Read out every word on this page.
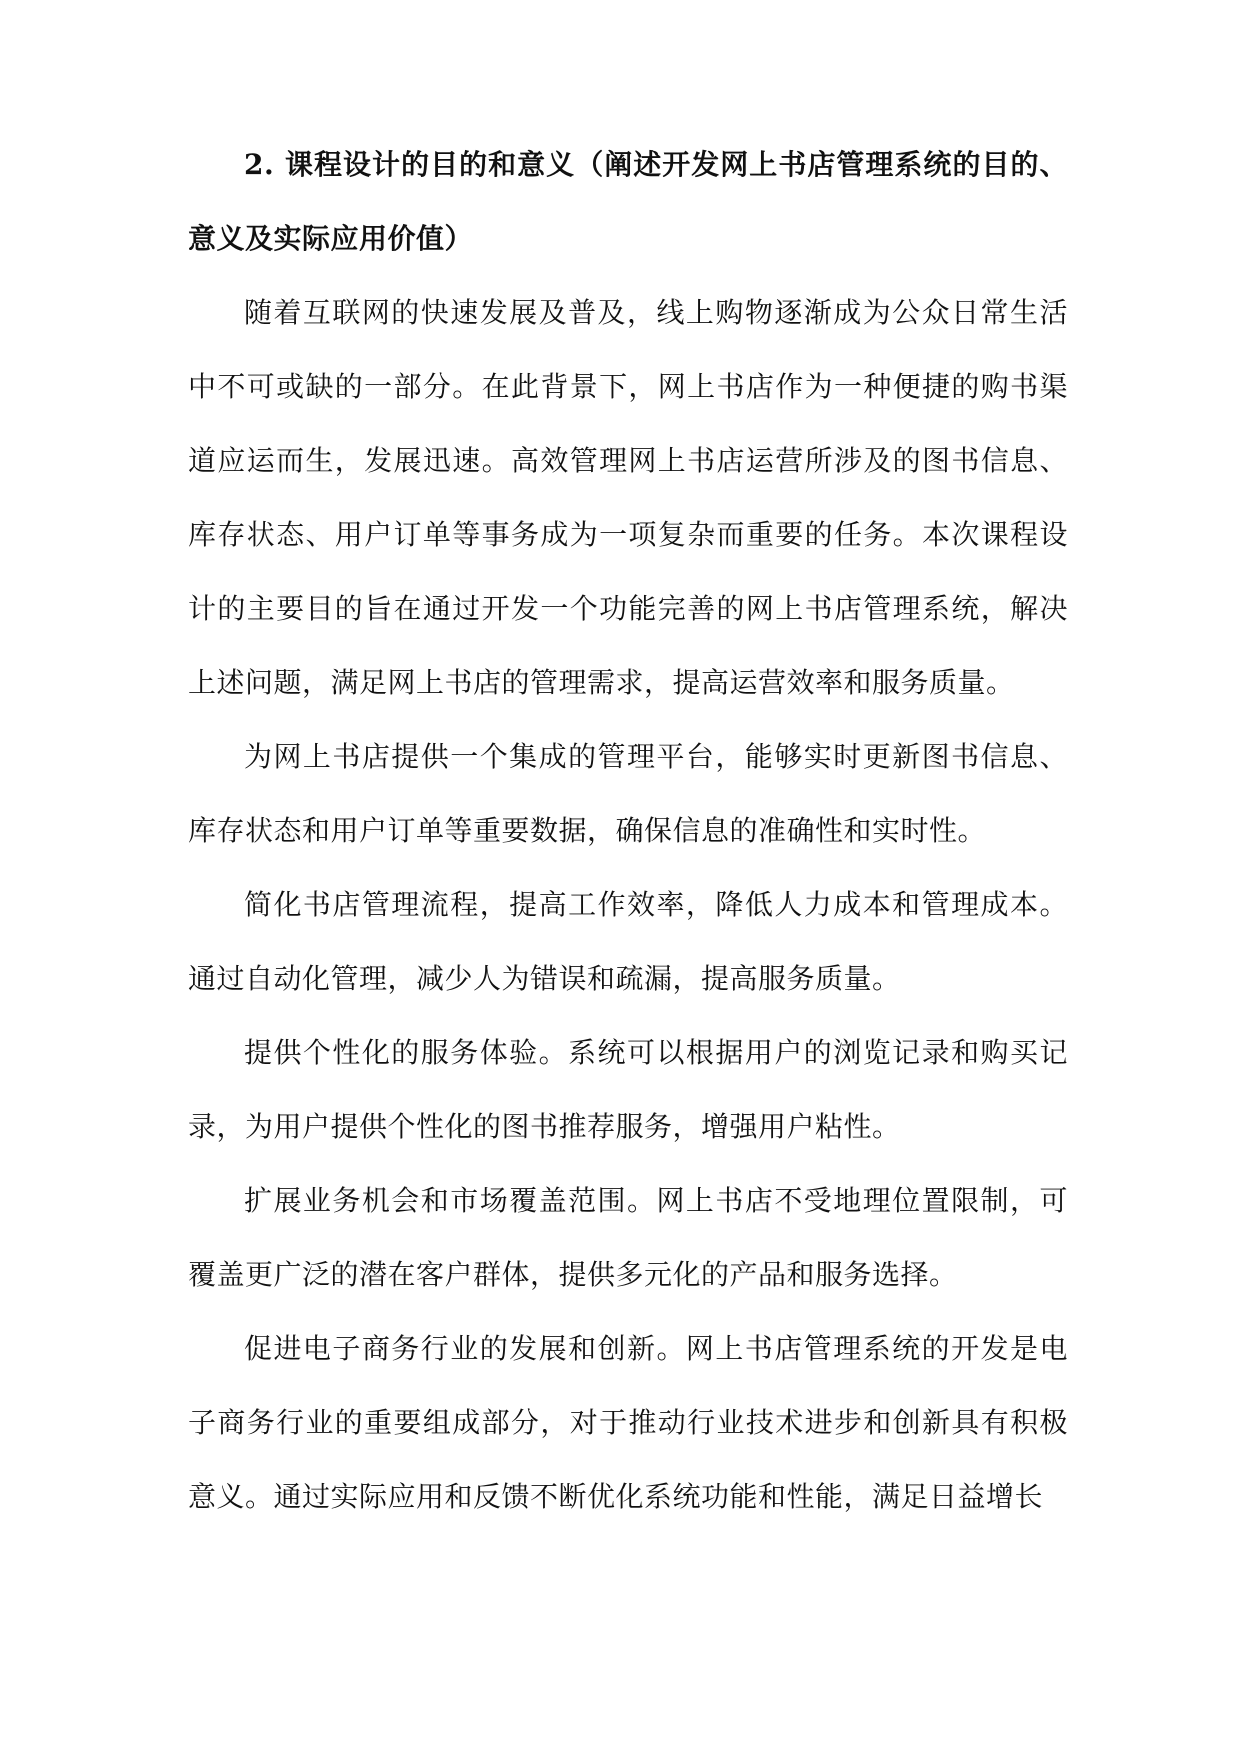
2. 课程设计的目的和意义（阐述开发网上书店管理系统的目的、意义及实际应用价值）

随着互联网的快速发展及普及，线上购物逐渐成为公众日常生活中不可或缺的一部分。在此背景下，网上书店作为一种便捷的购书渠道应运而生，发展迅速。高效管理网上书店运营所涉及的图书信息、库存状态、用户订单等事务成为一项复杂而重要的任务。本次课程设计的主要目的旨在通过开发一个功能完善的网上书店管理系统，解决上述问题，满足网上书店的管理需求，提高运营效率和服务质量。

为网上书店提供一个集成的管理平台，能够实时更新图书信息、库存状态和用户订单等重要数据，确保信息的准确性和实时性。

简化书店管理流程，提高工作效率，降低人力成本和管理成本。通过自动化管理，减少人为错误和疏漏，提高服务质量。

提供个性化的服务体验。系统可以根据用户的浏览记录和购买记录，为用户提供个性化的图书推荐服务，增强用户粘性。

扩展业务机会和市场覆盖范围。网上书店不受地理位置限制，可覆盖更广泛的潜在客户群体，提供多元化的产品和服务选择。

促进电子商务行业的发展和创新。网上书店管理系统的开发是电子商务行业的重要组成部分，对于推动行业技术进步和创新具有积极意义。通过实际应用和反馈不断优化系统功能和性能，满足日益增长
